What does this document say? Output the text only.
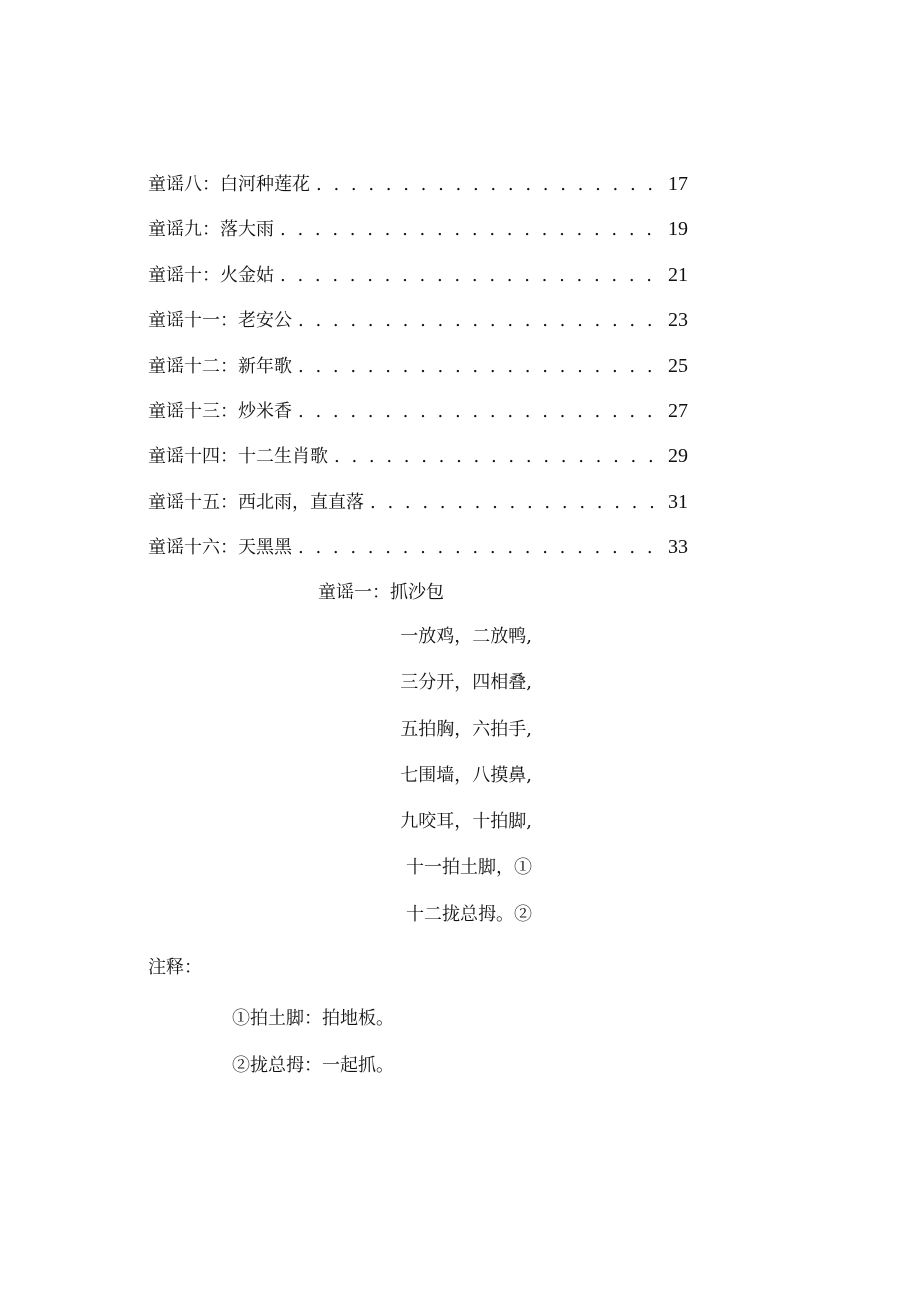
童谣八：白河种莲花 . . .	17
童谣九：落大雨 . . .	19
童谣十：火金姑 . . .	21
童谣十一：老安公 . . .	23
童谣十二：新年歌 . . .	25
童谣十三：炒米香 . . .	27
童谣十四：十二生肖歌 . . .	29
童谣十五：西北雨，直直落 . . .	31
童谣十六：天黑黑 . . .	33
童谣一：抓沙包
一放鸡，二放鸭,
三分开，四相叠,
五拍胸，六拍手,
七围墙，八摸鼻,
九咬耳，十拍脚,
十一拍土脚，①
十二拢总拇。②
注释：
①拍土脚：拍地板。
②拢总拇：一起抓。
